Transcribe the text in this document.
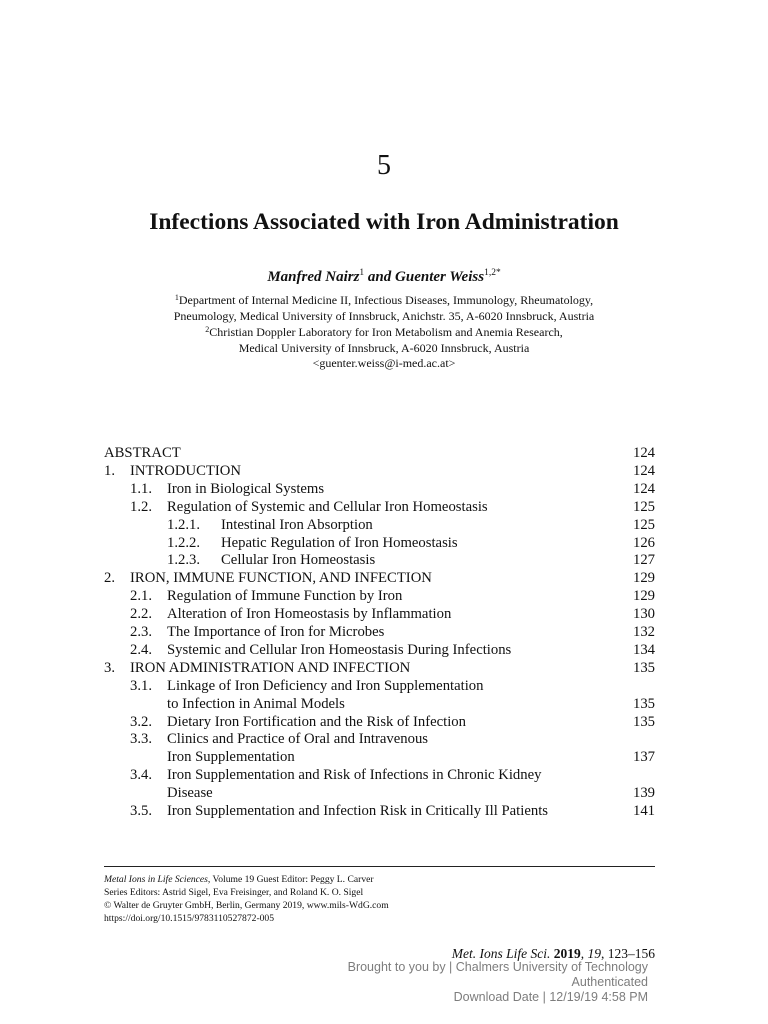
5
Infections Associated with Iron Administration
Manfred Nairz$^1$ and Guenter Weiss$^{1,2*}$
$^1$Department of Internal Medicine II, Infectious Diseases, Immunology, Rheumatology,
Pneumology, Medical University of Innsbruck, Anichstr. 35, A-6020 Innsbruck, Austria
$^2$Christian Doppler Laboratory for Iron Metabolism and Anemia Research,
Medical University of Innsbruck, A-6020 Innsbruck, Austria
<guenter.weiss@i-med.ac.at>
ABSTRACT	124
1. INTRODUCTION	124
1.1. Iron in Biological Systems	124
1.2. Regulation of Systemic and Cellular Iron Homeostasis	125
1.2.1. Intestinal Iron Absorption	125
1.2.2. Hepatic Regulation of Iron Homeostasis	126
1.2.3. Cellular Iron Homeostasis	127
2. IRON, IMMUNE FUNCTION, AND INFECTION	129
2.1. Regulation of Immune Function by Iron	129
2.2. Alteration of Iron Homeostasis by Inflammation	130
2.3. The Importance of Iron for Microbes	132
2.4. Systemic and Cellular Iron Homeostasis During Infections	134
3. IRON ADMINISTRATION AND INFECTION	135
3.1. Linkage of Iron Deficiency and Iron Supplementation
to Infection in Animal Models	135
3.2. Dietary Iron Fortification and the Risk of Infection	135
3.3. Clinics and Practice of Oral and Intravenous
Iron Supplementation	137
3.4. Iron Supplementation and Risk of Infections in Chronic Kidney
Disease	139
3.5. Iron Supplementation and Infection Risk in Critically Ill Patients	141
Metal Ions in Life Sciences, Volume 19 Guest Editor: Peggy L. Carver
Series Editors: Astrid Sigel, Eva Freisinger, and Roland K. O. Sigel
© Walter de Gruyter GmbH, Berlin, Germany 2019, www.mils-WdG.com
https://doi.org/10.1515/9783110527872-005
Met. Ions Life Sci. 2019, 19, 123–156
Brought to you by | Chalmers University of Technology
Authenticated
Download Date | 12/19/19 4:58 PM
